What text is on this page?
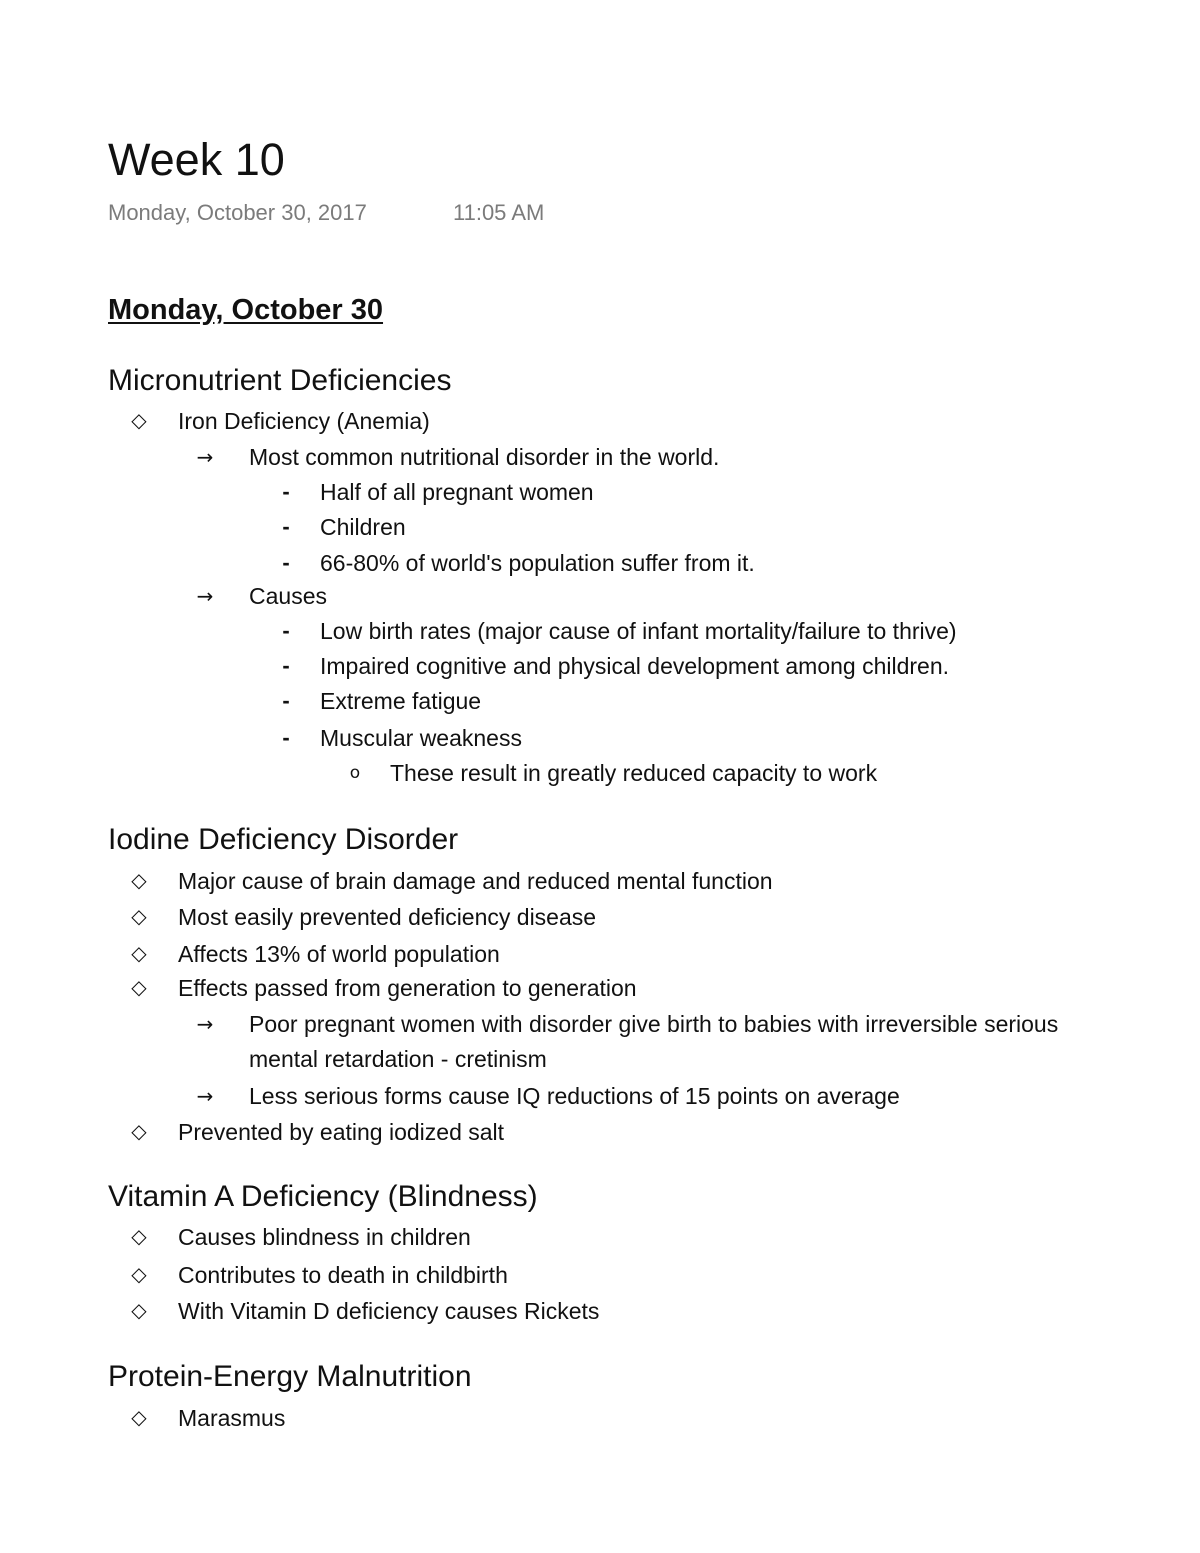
Week 10
Monday, October 30, 2017	11:05 AM
Monday, October 30
Micronutrient Deficiencies
◇ Iron Deficiency (Anemia)
→ Most common nutritional disorder in the world.
-	Half of all pregnant women
-	Children
-	66-80% of world's population suffer from it.
→ Causes
-	Low birth rates (major cause of infant mortality/failure to thrive)
-	Impaired cognitive and physical development among children.
-	Extreme fatigue
-	Muscular weakness
o These result in greatly reduced capacity to work
Iodine Deficiency Disorder
◇ Major cause of brain damage and reduced mental function
◇ Most easily prevented deficiency disease
◇ Affects 13% of world population
◇ Effects passed from generation to generation
→ Poor pregnant women with disorder give birth to babies with irreversible serious mental retardation - cretinism
→ Less serious forms cause IQ reductions of 15 points on average
◇ Prevented by eating iodized salt
Vitamin A Deficiency (Blindness)
◇ Causes blindness in children
◇ Contributes to death in childbirth
◇ With Vitamin D deficiency causes Rickets
Protein-Energy Malnutrition
◇ Marasmus
